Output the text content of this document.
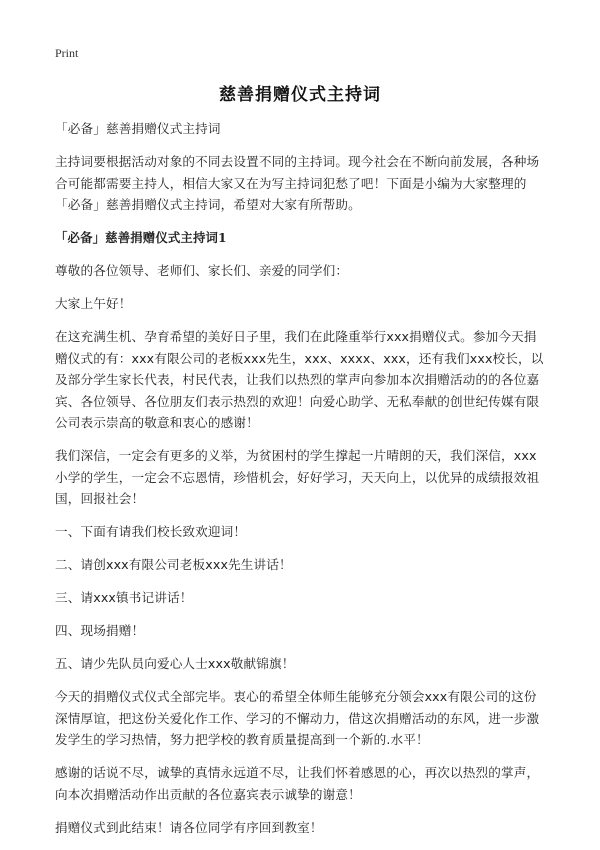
Print
慈善捐赠仪式主持词

「必备」慈善捐赠仪式主持词

主持词要根据活动对象的不同去设置不同的主持词。现今社会在不断向前发展，各种场合可能都需要主持人，相信大家又在为写主持词犯愁了吧！下面是小编为大家整理的「必备」慈善捐赠仪式主持词，希望对大家有所帮助。

「必备」慈善捐赠仪式主持词1

尊敬的各位领导、老师们、家长们、亲爱的同学们：

大家上午好！

在这充满生机、孕育希望的美好日子里，我们在此隆重举行xxx捐赠仪式。参加今天捐赠仪式的有：xxx有限公司的老板xxx先生，xxx、xxxx、xxx，还有我们xxx校长，以及部分学生家长代表，村民代表，让我们以热烈的掌声向参加本次捐赠活动的的各位嘉宾、各位领导、各位朋友们表示热烈的欢迎！向爱心助学、无私奉献的创世纪传媒有限公司表示崇高的敬意和衷心的感谢！

我们深信，一定会有更多的义举，为贫困村的学生撑起一片晴朗的天，我们深信，xxx小学的学生，一定会不忘恩情，珍惜机会，好好学习，天天向上，以优异的成绩报效祖国，回报社会！

一、下面有请我们校长致欢迎词！

二、请创xxx有限公司老板xxx先生讲话！

三、请xxx镇书记讲话！

四、现场捐赠！

五、请少先队员向爱心人士xxx敬献锦旗！

今天的捐赠仪式仪式全部完毕。衷心的希望全体师生能够充分领会xxx有限公司的这份深情厚谊，把这份关爱化作工作、学习的不懈动力，借这次捐赠活动的东风，进一步激发学生的学习热情，努力把学校的教育质量提高到一个新的.水平！

感谢的话说不尽，诚挚的真情永远道不尽，让我们怀着感恩的心，再次以热烈的掌声，向本次捐赠活动作出贡献的各位嘉宾表示诚挚的谢意！

捐赠仪式到此结束！请各位同学有序回到教室！
